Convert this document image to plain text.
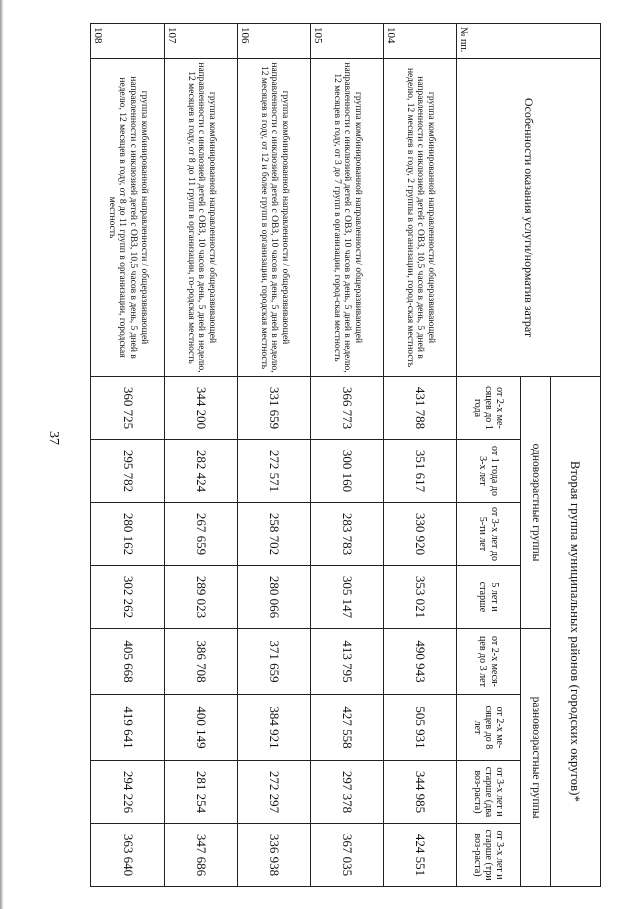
37
№ пп.	Особенности оказания услуги/норматив затрат	Вторая группа муниципальных районов (городских округов)*							
		одновозрастные группы				разновозрастные группы			
		от 2-х ме-сяцев до 1 года	от 1 года до 3-х лет	от 3-х лет до 5-ти лет	5 лет и старше	от 2-х меся-цев до 3 лет	от 2-х ме-сяцев до 8 лет	от 3-х лет и старше (два воз-раста)	от 3-х лет и старше (три воз-раста)
104	группа комбинированной направленности/ общеразвивающей направленности с инклюзией детей с ОВЗ, 10,5 часов в день, 5 дней в неделю, 12 месяцев в году, 2 группы в организации, город-ская местность	431 788	351 617	330 920	353 021	490 943	505 931	344 985	424 551
105	группа комбинированной направленности/ общеразвивающей направленности с инклюзией детей с ОВЗ, 10 часов в день, 5 дней в неделю, 12 месяцев в году, от 3 до 7 групп в организации, город-ская местность	366 773	300 160	283 783	305 147	413 795	427 558	297 378	367 035
106	группа комбинированной направленности / общеразвивающей направленности с инклюзией детей с ОВЗ, 10 часов в день, 5 дней в неделю, 12 месяцев в году, от 12 и более групп в организации, городская местность	331 659	272 571	258 702	280 066	371 659	384 921	272 297	336 938
107	группа комбинированной направленности/ общеразвивающей направленности с инклюзией детей с ОВЗ, 10 часов в день, 5 дней в неделю, 12 месяцев в году, от 8 до 11 групп в организации, го-родская местность	344 200	282 424	267 659	289 023	386 708	400 149	281 254	347 686
108	группа комбинированной направленности / общеразвивающей направленности с инклюзией детей с ОВЗ, 10,5 часов в день, 5 дней в неделю, 12 месяцев в году, от 8 до 11 групп в организации, городская местность	360 725	295 782	280 162	302 262	405 668	419 641	294 226	363 640
